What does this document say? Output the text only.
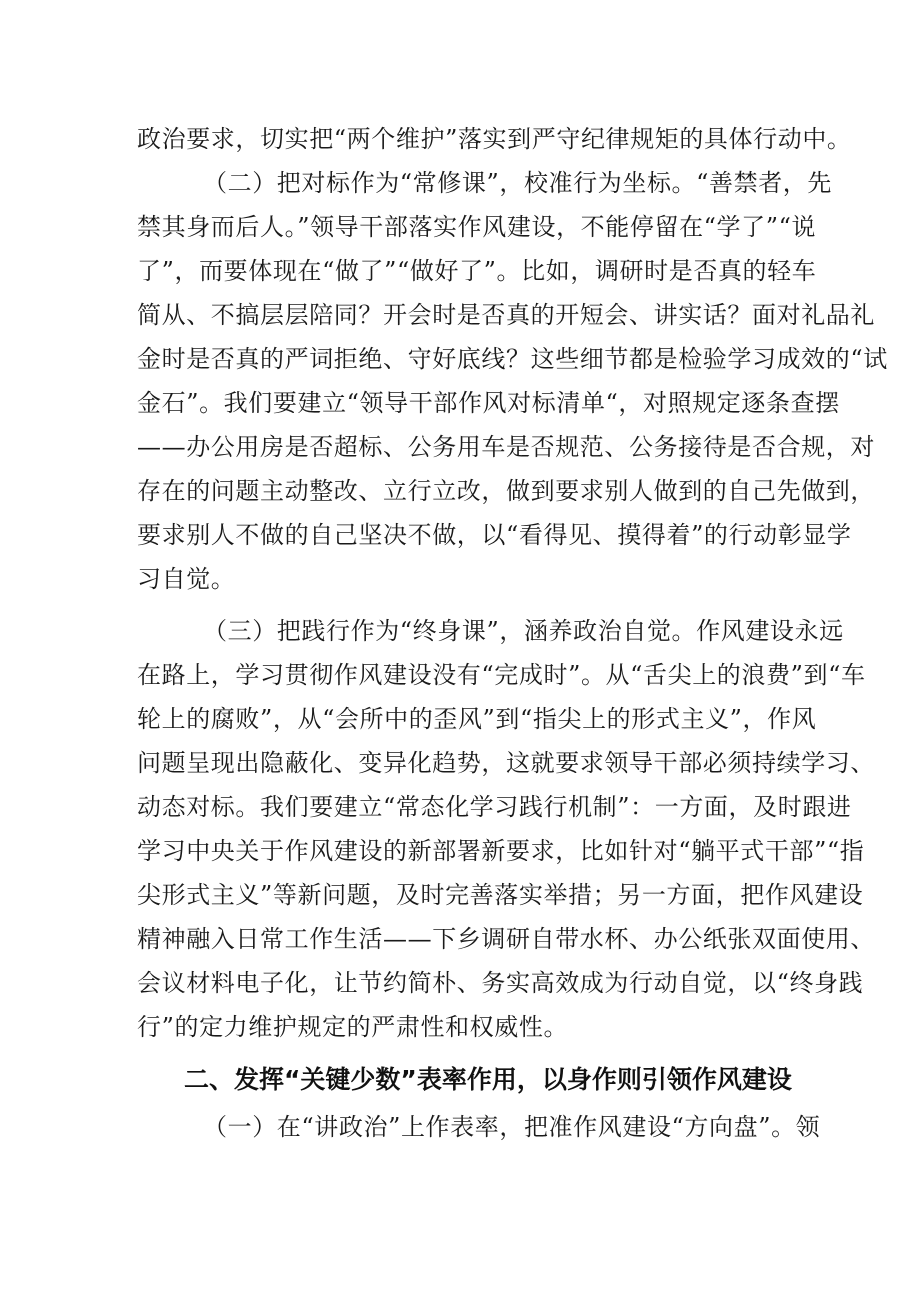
政治要求，切实把“两个维护”落实到严守纪律规矩的具体行动中。
（二）把对标作为“常修课”，校准行为坐标。“善禁者，先
禁其身而后人。”领导干部落实作风建设，不能停留在“学了”“说
了”，而要体现在“做了”“做好了”。比如，调研时是否真的轻车
简从、不搞层层陪同？开会时是否真的开短会、讲实话？面对礼品礼
金时是否真的严词拒绝、守好底线？这些细节都是检验学习成效的“试
金石”。我们要建立“领导干部作风对标清单“，对照规定逐条查摆
——办公用房是否超标、公务用车是否规范、公务接待是否合规，对
存在的问题主动整改、立行立改，做到要求别人做到的自己先做到，
要求别人不做的自己坚决不做，以“看得见、摸得着”的行动彰显学
习自觉。
（三）把践行作为“终身课”，涵养政治自觉。作风建设永远
在路上，学习贯彻作风建设没有“完成时”。从“舌尖上的浪费”到“车
轮上的腐败”，从“会所中的歪风”到“指尖上的形式主义”，作风
问题呈现出隐蔽化、变异化趋势，这就要求领导干部必须持续学习、
动态对标。我们要建立“常态化学习践行机制”：一方面，及时跟进
学习中央关于作风建设的新部署新要求，比如针对“躺平式干部”“指
尖形式主义”等新问题，及时完善落实举措；另一方面，把作风建设
精神融入日常工作生活——下乡调研自带水杯、办公纸张双面使用、
会议材料电子化，让节约简朴、务实高效成为行动自觉，以“终身践
行”的定力维护规定的严肃性和权威性。
二、发挥“关键少数”表率作用，以身作则引领作风建设
（一）在“讲政治”上作表率，把准作风建设“方向盘”。领
